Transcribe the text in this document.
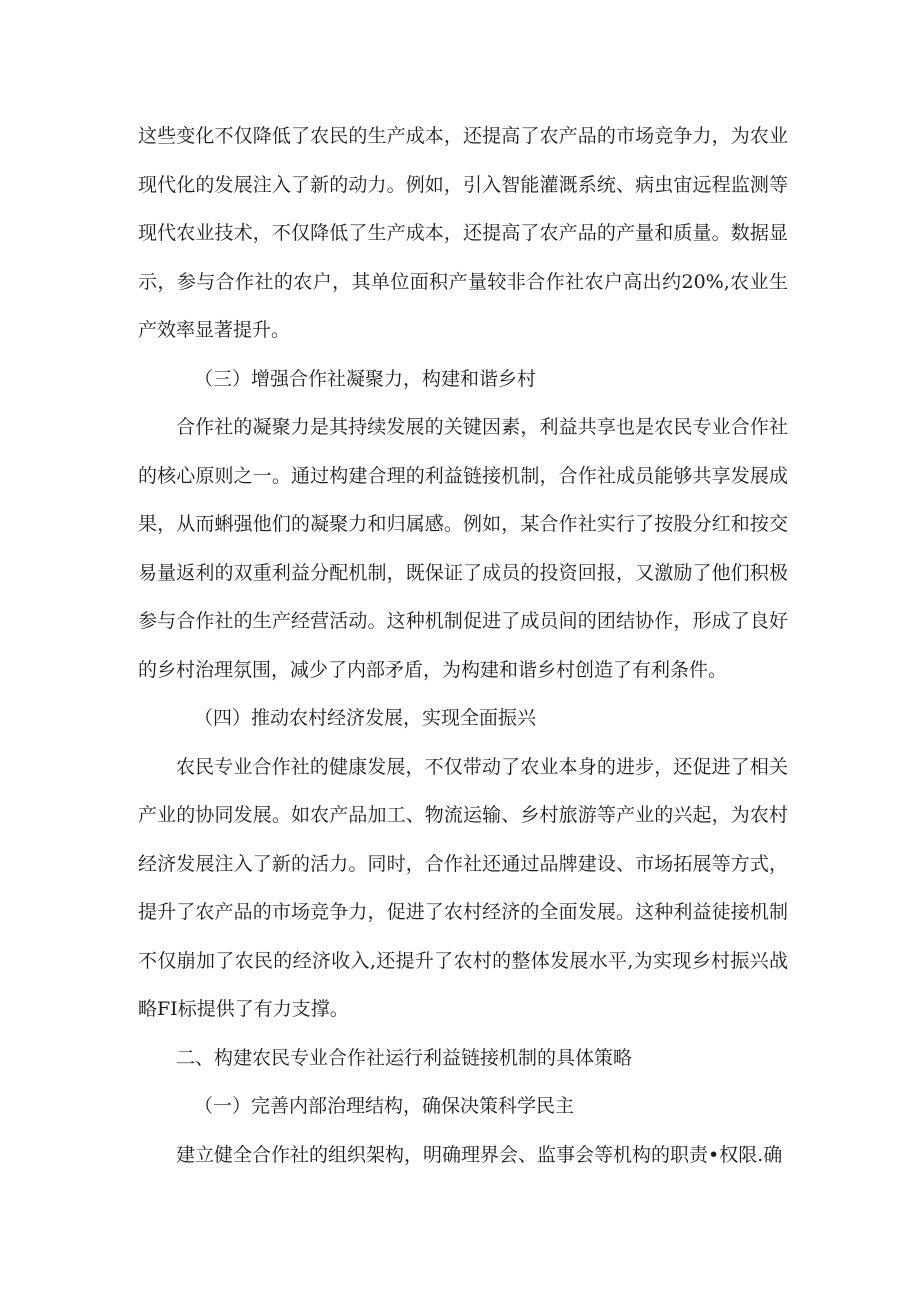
这些变化不仅降低了农民的生产成本，还提高了农产品的市场竞争力，为农业现代化的发展注入了新的动力。例如，引入智能灌溉系统、病虫宙远程监测等现代农业技术，不仅降低了生产成本，还提高了农产品的产量和质量。数据显示，参与合作社的农户，其单位面积产量较非合作社农户高出约20%,农业生产效率显著提升。

（三）增强合作社凝聚力，构建和谐乡村

合作社的凝聚力是其持续发展的关键因素，利益共享也是农民专业合作社的核心原则之一。通过构建合理的利益链接机制，合作社成员能够共享发展成果，从而蝌强他们的凝聚力和归属感。例如，某合作社实行了按股分红和按交易量返利的双重利益分配机制，既保证了成员的投资回报，又激励了他们积极参与合作社的生产经营活动。这种机制促进了成员间的团结协作，形成了良好的乡村治理氛围，减少了内部矛盾，为构建和谐乡村创造了有利条件。

（四）推动农村经济发展，实现全面振兴

农民专业合作社的健康发展，不仅带动了农业本身的进步，还促进了相关产业的协同发展。如农产品加工、物流运输、乡村旅游等产业的兴起，为农村经济发展注入了新的活力。同时，合作社还通过品牌建设、市场拓展等方式，提升了农产品的市场竞争力，促进了农村经济的全面发展。这种利益徒接机制不仅崩加了农民的经济收入,还提升了农村的整体发展水平,为实现乡村振兴战略FI标提供了有力支撑。

二、构建农民专业合作社运行利益链接机制的具体策略

（一）完善内部治理结构，确保决策科学民主

建立健全合作社的组织架构，明确理界会、监事会等机构的职责•权限.确
